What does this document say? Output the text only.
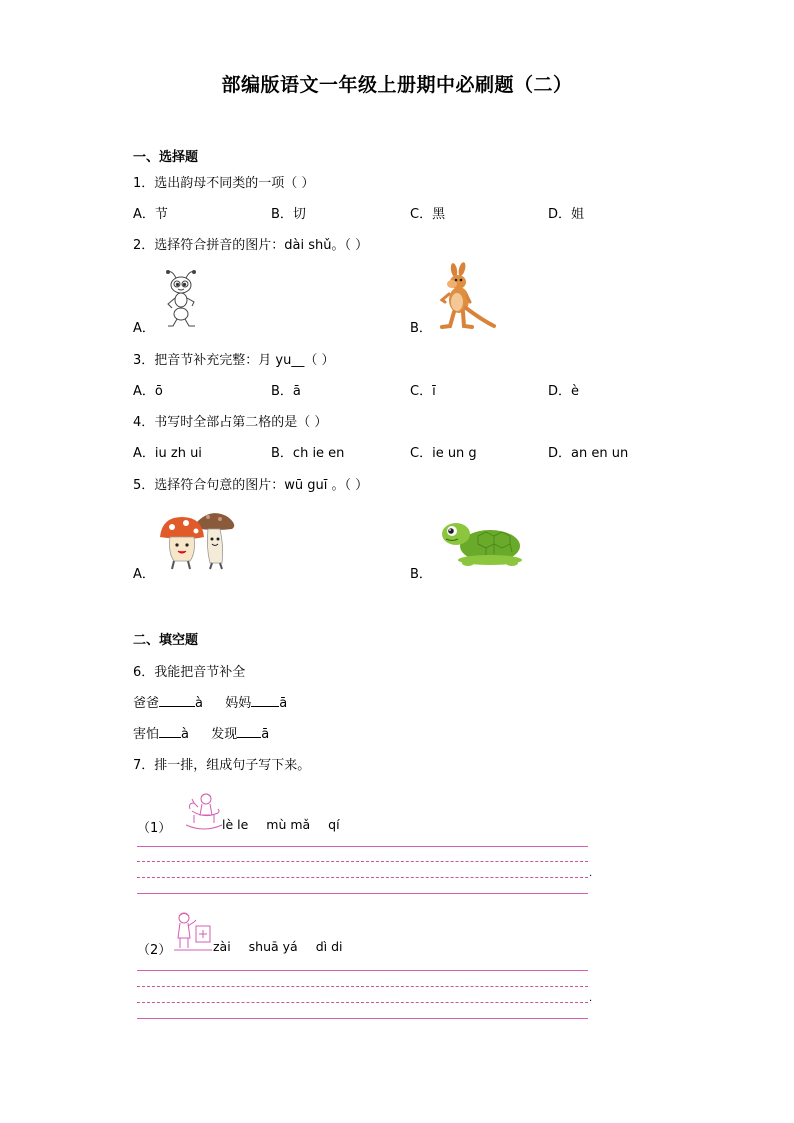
部编版语文一年级上册期中必刷题（二）
一、选择题
1．选出韵母不同类的一项（ ）
A．节	B．切	C．黑	D．姐
2．选择符合拼音的图片：dài shǔ。（ ）
A．	B．
3．把音节补充完整：月 yu__（ ）
A．ō	B．ā	C．ī	D．è
4．书写时全部占第二格的是（ ）
A．iu zh ui	B．ch ie en	C．ie un g	D．an en un
5．选择符合句意的图片：wū guī 。（ ）
A．	B．
二、填空题
6．我能把音节补全
爸爸	à 妈妈 ā
害怕 à 发现 ā
7．排一排，组成句子写下来。
（1）	lè le mù mǎ qí
.
（2）	zài shuā yá dì di
.
